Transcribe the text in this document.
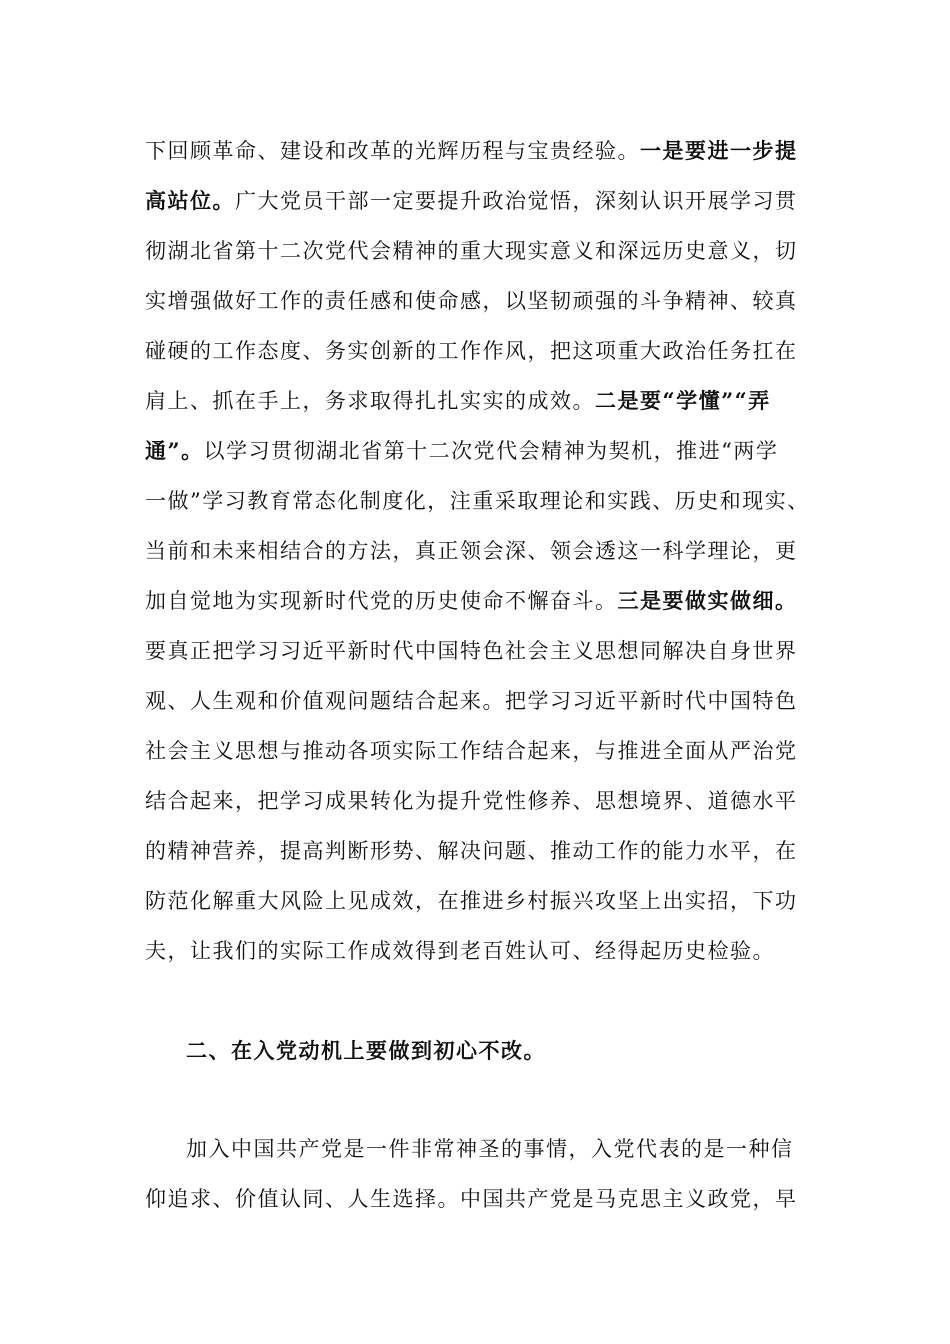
下回顾革命、建设和改革的光辉历程与宝贵经验。一是要进一步提
高站位。广大党员干部一定要提升政治觉悟，深刻认识开展学习贯
彻湖北省第十二次党代会精神的重大现实意义和深远历史意义，切
实增强做好工作的责任感和使命感，以坚韧顽强的斗争精神、较真
碰硬的工作态度、务实创新的工作作风，把这项重大政治任务扛在
肩上、抓在手上，务求取得扎扎实实的成效。二是要“学懂”“弄
通”。以学习贯彻湖北省第十二次党代会精神为契机，推进“两学
一做”学习教育常态化制度化，注重采取理论和实践、历史和现实、
当前和未来相结合的方法，真正领会深、领会透这一科学理论，更
加自觉地为实现新时代党的历史使命不懈奋斗。三是要做实做细。
要真正把学习习近平新时代中国特色社会主义思想同解决自身世界
观、人生观和价值观问题结合起来。把学习习近平新时代中国特色
社会主义思想与推动各项实际工作结合起来，与推进全面从严治党
结合起来，把学习成果转化为提升党性修养、思想境界、道德水平
的精神营养，提高判断形势、解决问题、推动工作的能力水平，在
防范化解重大风险上见成效，在推进乡村振兴攻坚上出实招，下功
夫，让我们的实际工作成效得到老百姓认可、经得起历史检验。
二、在入党动机上要做到初心不改。
加入中国共产党是一件非常神圣的事情，入党代表的是一种信
仰追求、价值认同、人生选择。中国共产党是马克思主义政党，早
